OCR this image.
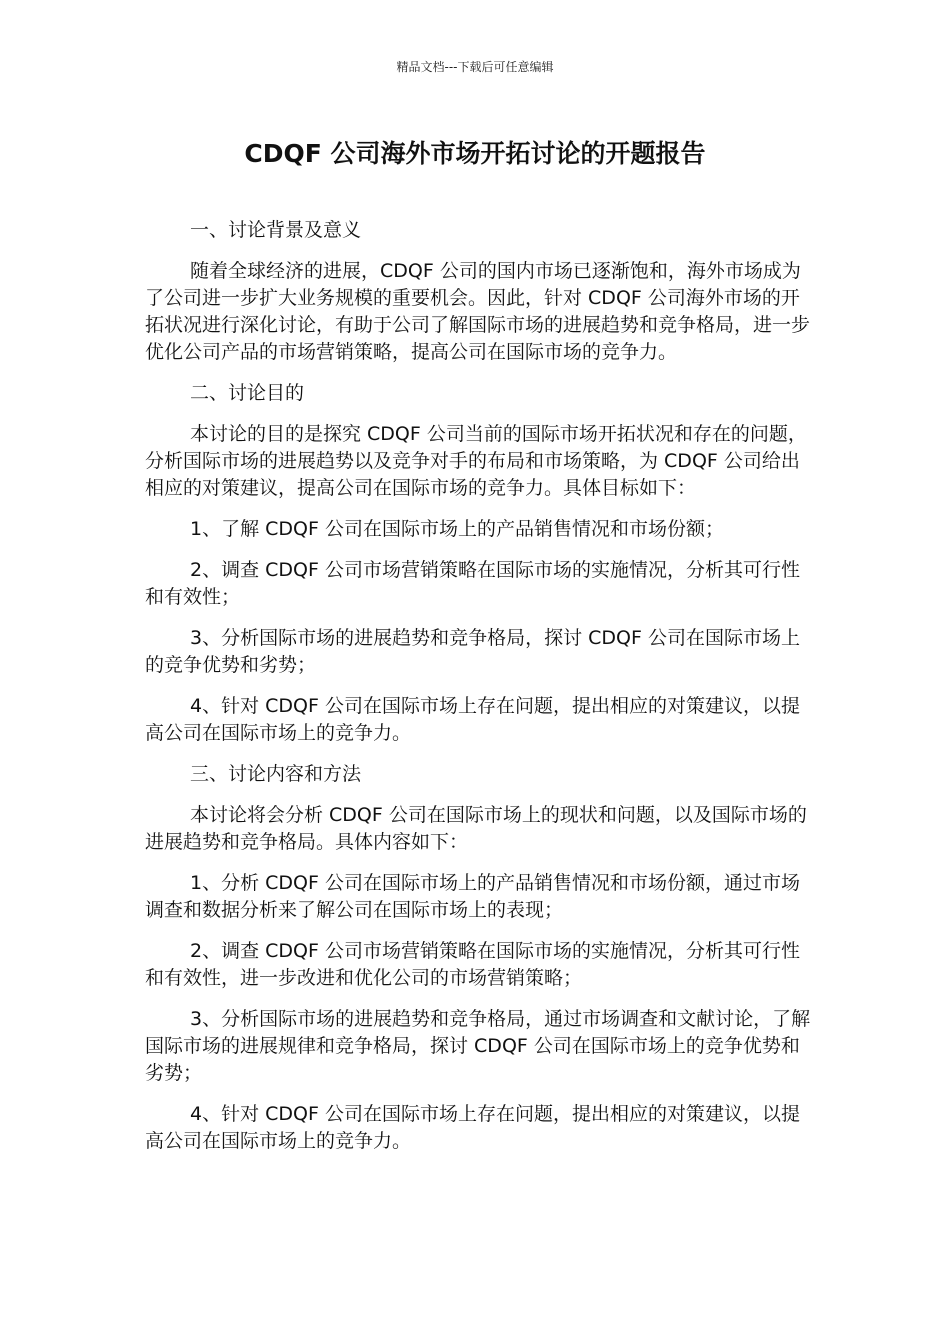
精品文档---下载后可任意编辑
CDQF 公司海外市场开拓讨论的开题报告

一、讨论背景及意义

随着全球经济的进展，CDQF 公司的国内市场已逐渐饱和，海外市场成为了公司进一步扩大业务规模的重要机会。因此，针对 CDQF 公司海外市场的开拓状况进行深化讨论，有助于公司了解国际市场的进展趋势和竞争格局，进一步优化公司产品的市场营销策略，提高公司在国际市场的竞争力。

二、讨论目的

本讨论的目的是探究 CDQF 公司当前的国际市场开拓状况和存在的问题，分析国际市场的进展趋势以及竞争对手的布局和市场策略，为 CDQF 公司给出相应的对策建议，提高公司在国际市场的竞争力。具体目标如下：

1、了解 CDQF 公司在国际市场上的产品销售情况和市场份额；

2、调查 CDQF 公司市场营销策略在国际市场的实施情况，分析其可行性和有效性；

3、分析国际市场的进展趋势和竞争格局，探讨 CDQF 公司在国际市场上的竞争优势和劣势；

4、针对 CDQF 公司在国际市场上存在问题，提出相应的对策建议，以提高公司在国际市场上的竞争力。

三、讨论内容和方法

本讨论将会分析 CDQF 公司在国际市场上的现状和问题，以及国际市场的进展趋势和竞争格局。具体内容如下：

1、分析 CDQF 公司在国际市场上的产品销售情况和市场份额，通过市场调查和数据分析来了解公司在国际市场上的表现；

2、调查 CDQF 公司市场营销策略在国际市场的实施情况，分析其可行性和有效性，进一步改进和优化公司的市场营销策略；

3、分析国际市场的进展趋势和竞争格局，通过市场调查和文献讨论，了解国际市场的进展规律和竞争格局，探讨 CDQF 公司在国际市场上的竞争优势和劣势；

4、针对 CDQF 公司在国际市场上存在问题，提出相应的对策建议，以提高公司在国际市场上的竞争力。
